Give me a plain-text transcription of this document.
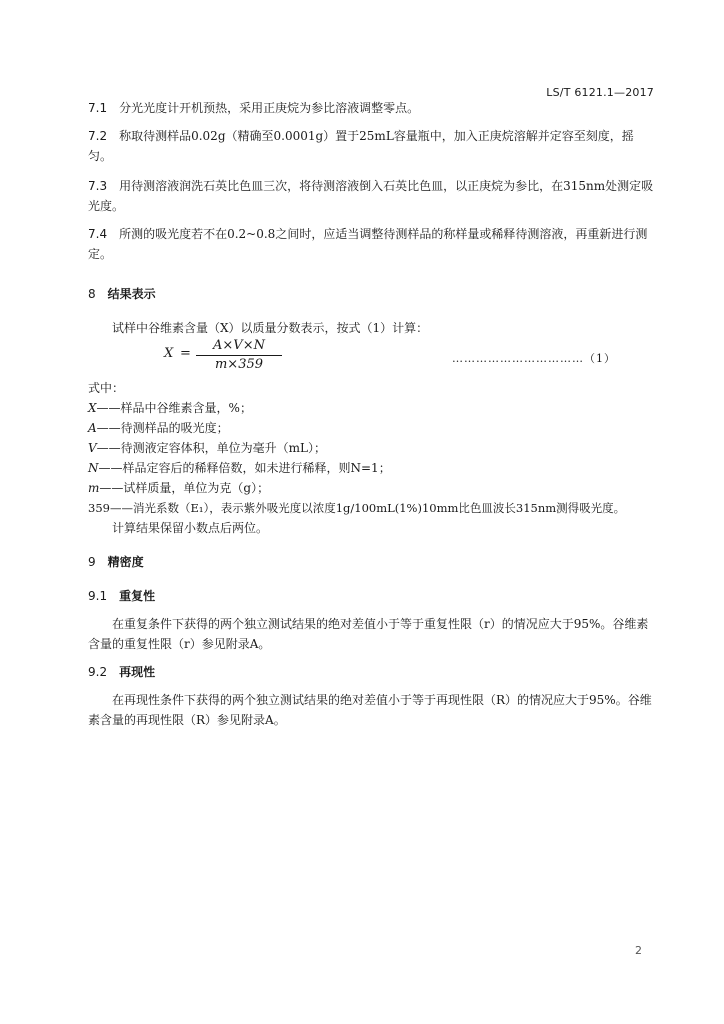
LS/T 6121.1—2017
7.1 分光光度计开机预热，采用正庚烷为参比溶液调整零点。
7.2 称取待测样品0.02g（精确至0.0001g）置于25mL容量瓶中，加入正庚烷溶解并定容至刻度，摇匀。
7.3 用待测溶液润洗石英比色皿三次，将待测溶液倒入石英比色皿，以正庚烷为参比，在315nm处测定吸光度。
7.4 所测的吸光度若不在0.2~0.8之间时，应适当调整待测样品的称样量或稀释待测溶液，再重新进行测定。
8 结果表示
试样中谷维素含量（X）以质量分数表示，按式（1）计算：
X =
A×V×N
m×359	……………………………（1）
式中：
X——样品中谷维素含量，%；
A——待测样品的吸光度；
V——待测液定容体积，单位为毫升（mL）；
N——样品定容后的稀释倍数，如未进行稀释，则N=1；
m——试样质量，单位为克（g）；
359——消光系数（E₁），表示紫外吸光度以浓度1g/100mL(1%)10mm比色皿波长315nm测得吸光度。
计算结果保留小数点后两位。
9 精密度
9.1 重复性
在重复条件下获得的两个独立测试结果的绝对差值小于等于重复性限（r）的情况应大于95%。谷维素含量的重复性限（r）参见附录A。
9.2 再现性
在再现性条件下获得的两个独立测试结果的绝对差值小于等于再现性限（R）的情况应大于95%。谷维素含量的再现性限（R）参见附录A。
2
